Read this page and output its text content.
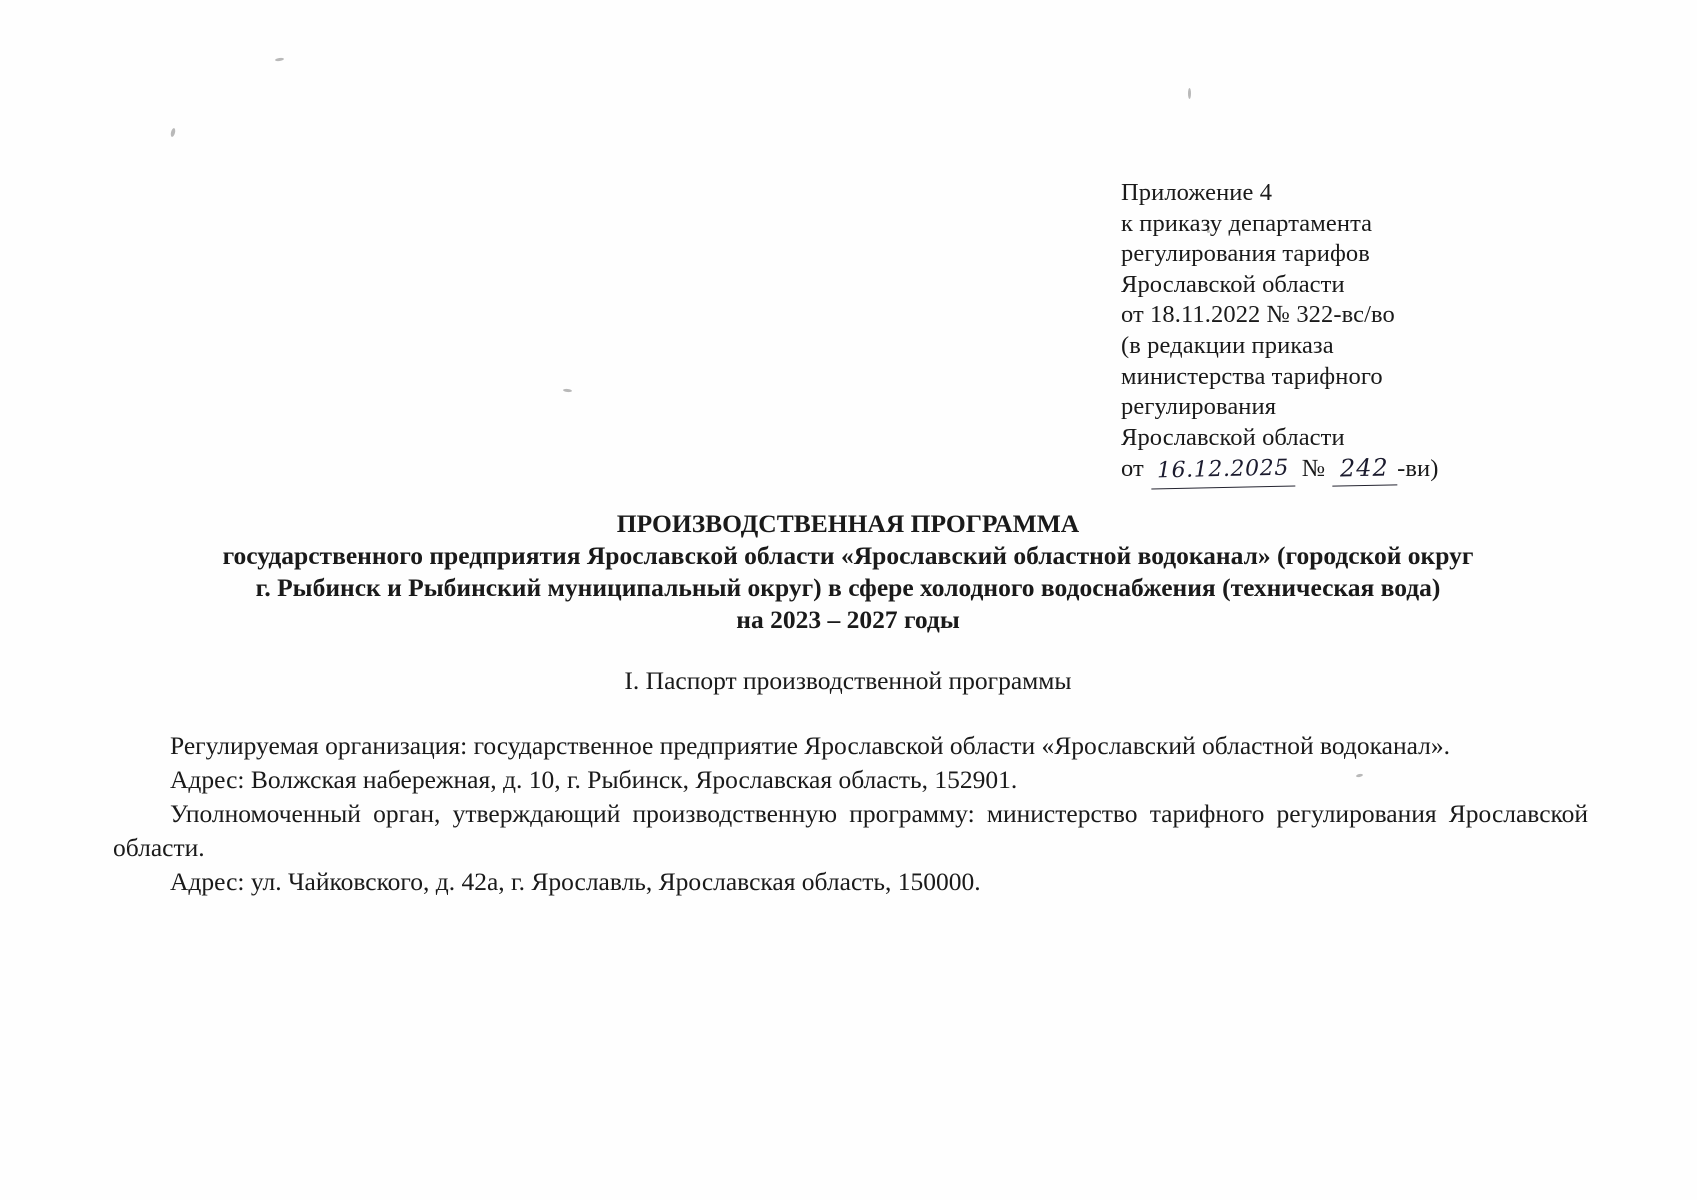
Приложение 4
к приказу департамента
регулирования тарифов
Ярославской области
от 18.11.2022 № 322-вс/во
(в редакции приказа
министерства тарифного
регулирования
Ярославской области
от 16.12.2025 № 242 -ви)
ПРОИЗВОДСТВЕННАЯ ПРОГРАММА
государственного предприятия Ярославской области «Ярославский областной водоканал» (городской округ
г. Рыбинск и Рыбинский муниципальный округ) в сфере холодного водоснабжения (техническая вода)
на 2023 – 2027 годы
I. Паспорт производственной программы

Регулируемая организация: государственное предприятие Ярославской области «Ярославский областной водоканал».

Адрес: Волжская набережная, д. 10, г. Рыбинск, Ярославская область, 152901.

Уполномоченный орган, утверждающий производственную программу: министерство тарифного регулирования Ярославской области.

Адрес: ул. Чайковского, д. 42а, г. Ярославль, Ярославская область, 150000.
